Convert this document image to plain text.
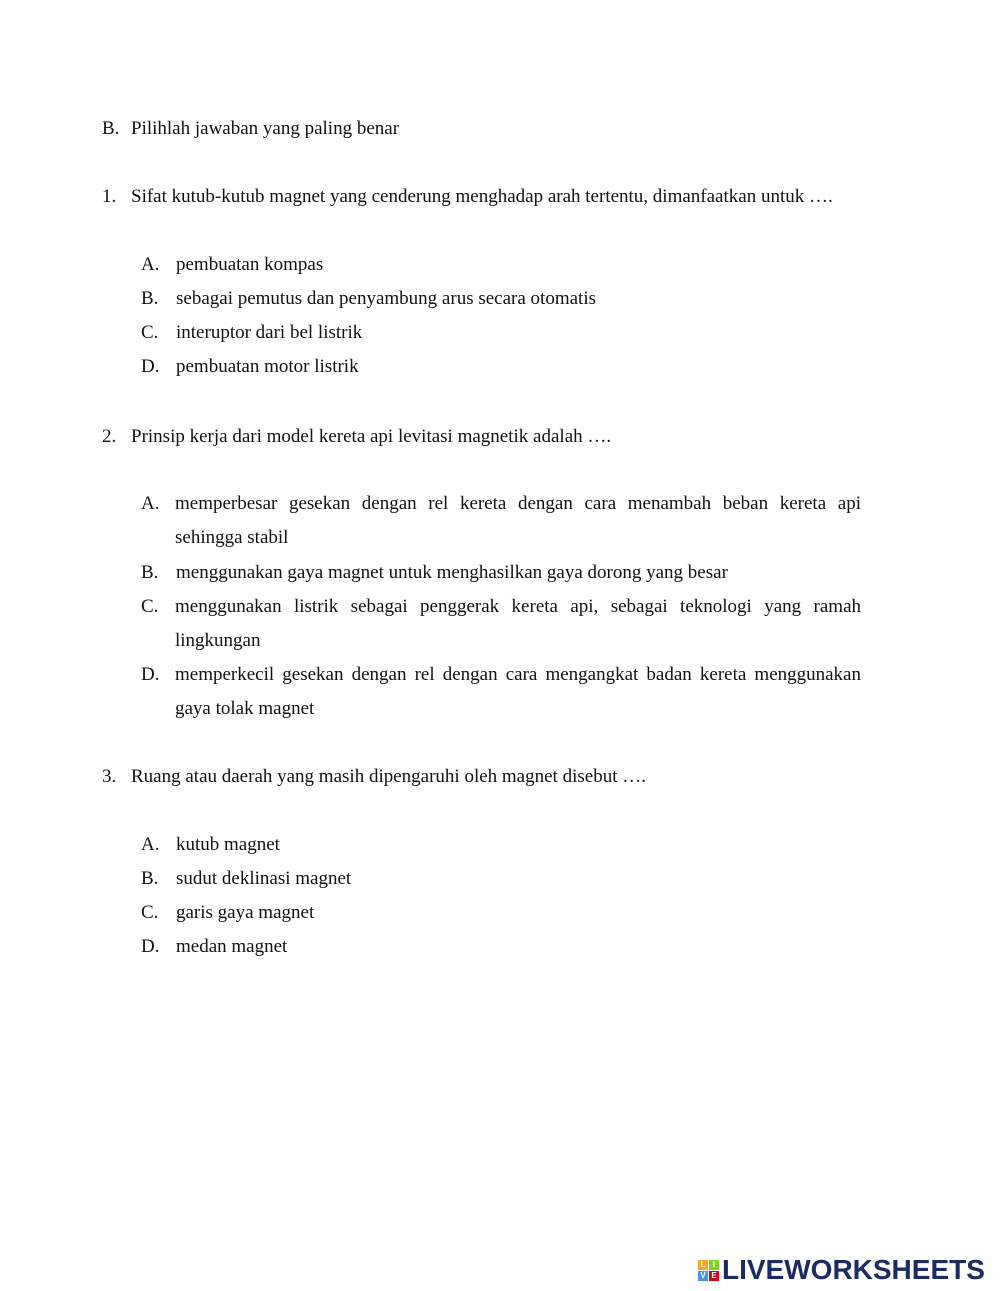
B. Pilihlah jawaban yang paling benar
1. Sifat kutub-kutub magnet yang cenderung menghadap arah tertentu, dimanfaatkan untuk ….
A. pembuatan kompas
B. sebagai pemutus dan penyambung arus secara otomatis
C. interuptor dari bel listrik
D. pembuatan motor listrik
2. Prinsip kerja dari model kereta api levitasi magnetik adalah ….
A. memperbesar gesekan dengan rel kereta dengan cara menambah beban kereta api sehingga stabil
B. menggunakan gaya magnet untuk menghasilkan gaya dorong yang besar
C. menggunakan listrik sebagai penggerak kereta api, sebagai teknologi yang ramah lingkungan
D. memperkecil gesekan dengan rel dengan cara mengangkat badan kereta menggunakan gaya tolak magnet
3. Ruang atau daerah yang masih dipengaruhi oleh magnet disebut ….
A. kutub magnet
B. sudut deklinasi magnet
C. garis gaya magnet
D. medan magnet
L I
V E LIVEWORKSHEETS
